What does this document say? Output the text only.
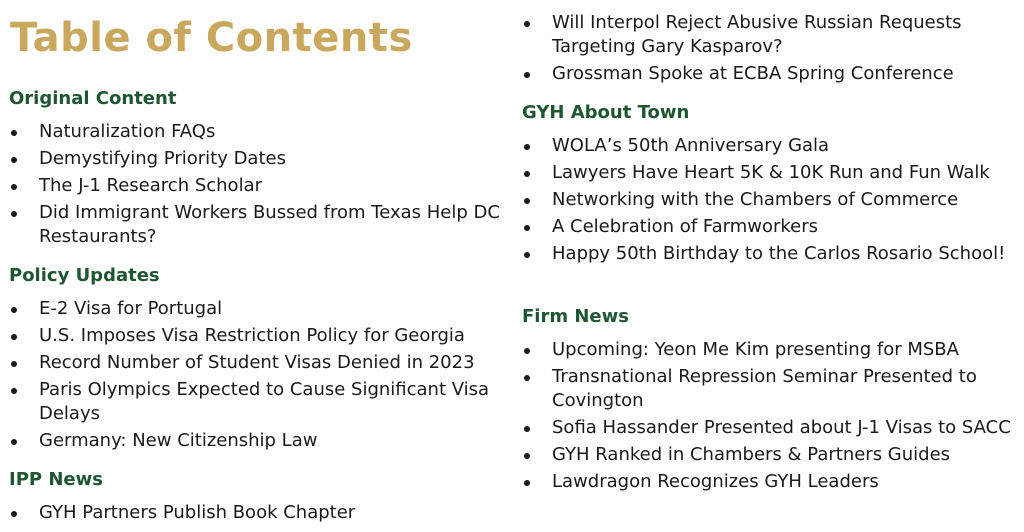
Table of Contents
Original Content
Naturalization FAQs
Demystifying Priority Dates
The J-1 Research Scholar
Did Immigrant Workers Bussed from Texas Help DC Restaurants?
Policy Updates
E-2 Visa for Portugal
U.S. Imposes Visa Restriction Policy for Georgia
Record Number of Student Visas Denied in 2023
Paris Olympics Expected to Cause Significant Visa Delays
Germany: New Citizenship Law
IPP News
GYH Partners Publish Book Chapter
Will Interpol Reject Abusive Russian Requests Targeting Gary Kasparov?
Grossman Spoke at ECBA Spring Conference
GYH About Town
WOLA’s 50th Anniversary Gala
Lawyers Have Heart 5K & 10K Run and Fun Walk
Networking with the Chambers of Commerce
A Celebration of Farmworkers
Happy 50th Birthday to the Carlos Rosario School!
Firm News
Upcoming: Yeon Me Kim presenting for MSBA
Transnational Repression Seminar Presented to Covington
Sofia Hassander Presented about J-1 Visas to SACC
GYH Ranked in Chambers & Partners Guides
Lawdragon Recognizes GYH Leaders
